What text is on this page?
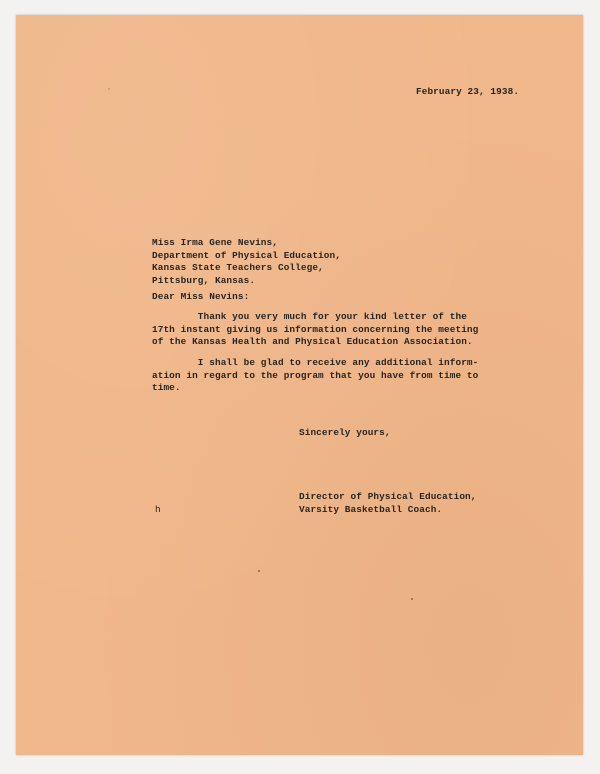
February 23, 1938.
Miss Irma Gene Nevins,
Department of Physical Education,
Kansas State Teachers College,
Pittsburg, Kansas.
Dear Miss Nevins:
Thank you very much for your kind letter of the
17th instant giving us information concerning the meeting
of the Kansas Health and Physical Education Association.
I shall be glad to receive any additional inform-
ation in regard to the program that you have from time to
time.
Sincerely yours,
Director of Physical Education,
Varsity Basketball Coach.
h
